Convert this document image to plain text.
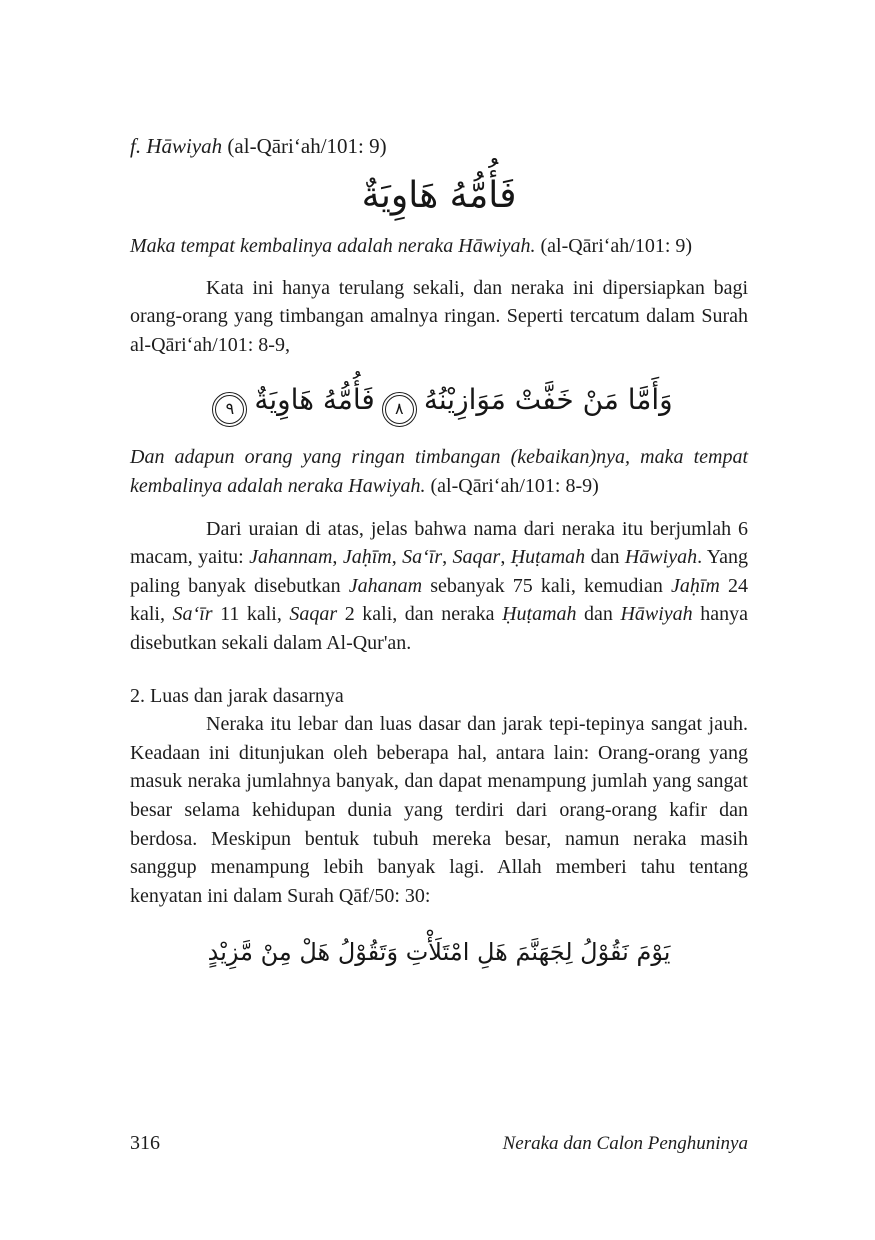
f. Hāwiyah (al-Qāri‘ah/101: 9)
فَأُمُّهُ هَاوِيَةٌ

Maka tempat kembalinya adalah neraka Hāwiyah. (al-Qāri‘ah/101: 9)

Kata ini hanya terulang sekali, dan neraka ini dipersiapkan bagi orang-orang yang timbangan amalnya ringan. Seperti tercatum dalam Surah al-Qāri‘ah/101: 8-9,

وَأَمَّا مَنْ خَفَّتْ مَوَازِيْنُهُ٨فَأُمُّهُ هَاوِيَةٌ٩

Dan adapun orang yang ringan timbangan (kebaikan)nya, maka tempat kembalinya adalah neraka Hawiyah. (al-Qāri‘ah/101: 8-9)

Dari uraian di atas, jelas bahwa nama dari neraka itu berjumlah 6 macam, yaitu: Jahannam, Jaḥīm, Sa‘īr, Saqar, Ḥuṭamah dan Hāwiyah. Yang paling banyak disebutkan Jahanam sebanyak 75 kali, kemudian Jaḥīm 24 kali, Sa‘īr 11 kali, Saqar 2 kali, dan neraka Ḥuṭamah dan Hāwiyah hanya disebutkan sekali dalam Al-Qur'an.

2. Luas dan jarak dasarnya

Neraka itu lebar dan luas dasar dan jarak tepi-tepinya sangat jauh. Keadaan ini ditunjukan oleh beberapa hal, antara lain: Orang-orang yang masuk neraka jumlahnya banyak, dan dapat menampung jumlah yang sangat besar selama kehidupan dunia yang terdiri dari orang-orang kafir dan berdosa. Meskipun bentuk tubuh mereka besar, namun neraka masih sanggup menampung lebih banyak lagi. Allah memberi tahu tentang kenyatan ini dalam Surah Qāf/50: 30:

يَوْمَ نَقُوْلُ لِجَهَنَّمَ هَلِ امْتَلَأْتِ وَتَقُوْلُ هَلْ مِنْ مَّزِيْدٍ
316	Neraka dan Calon Penghuninya
